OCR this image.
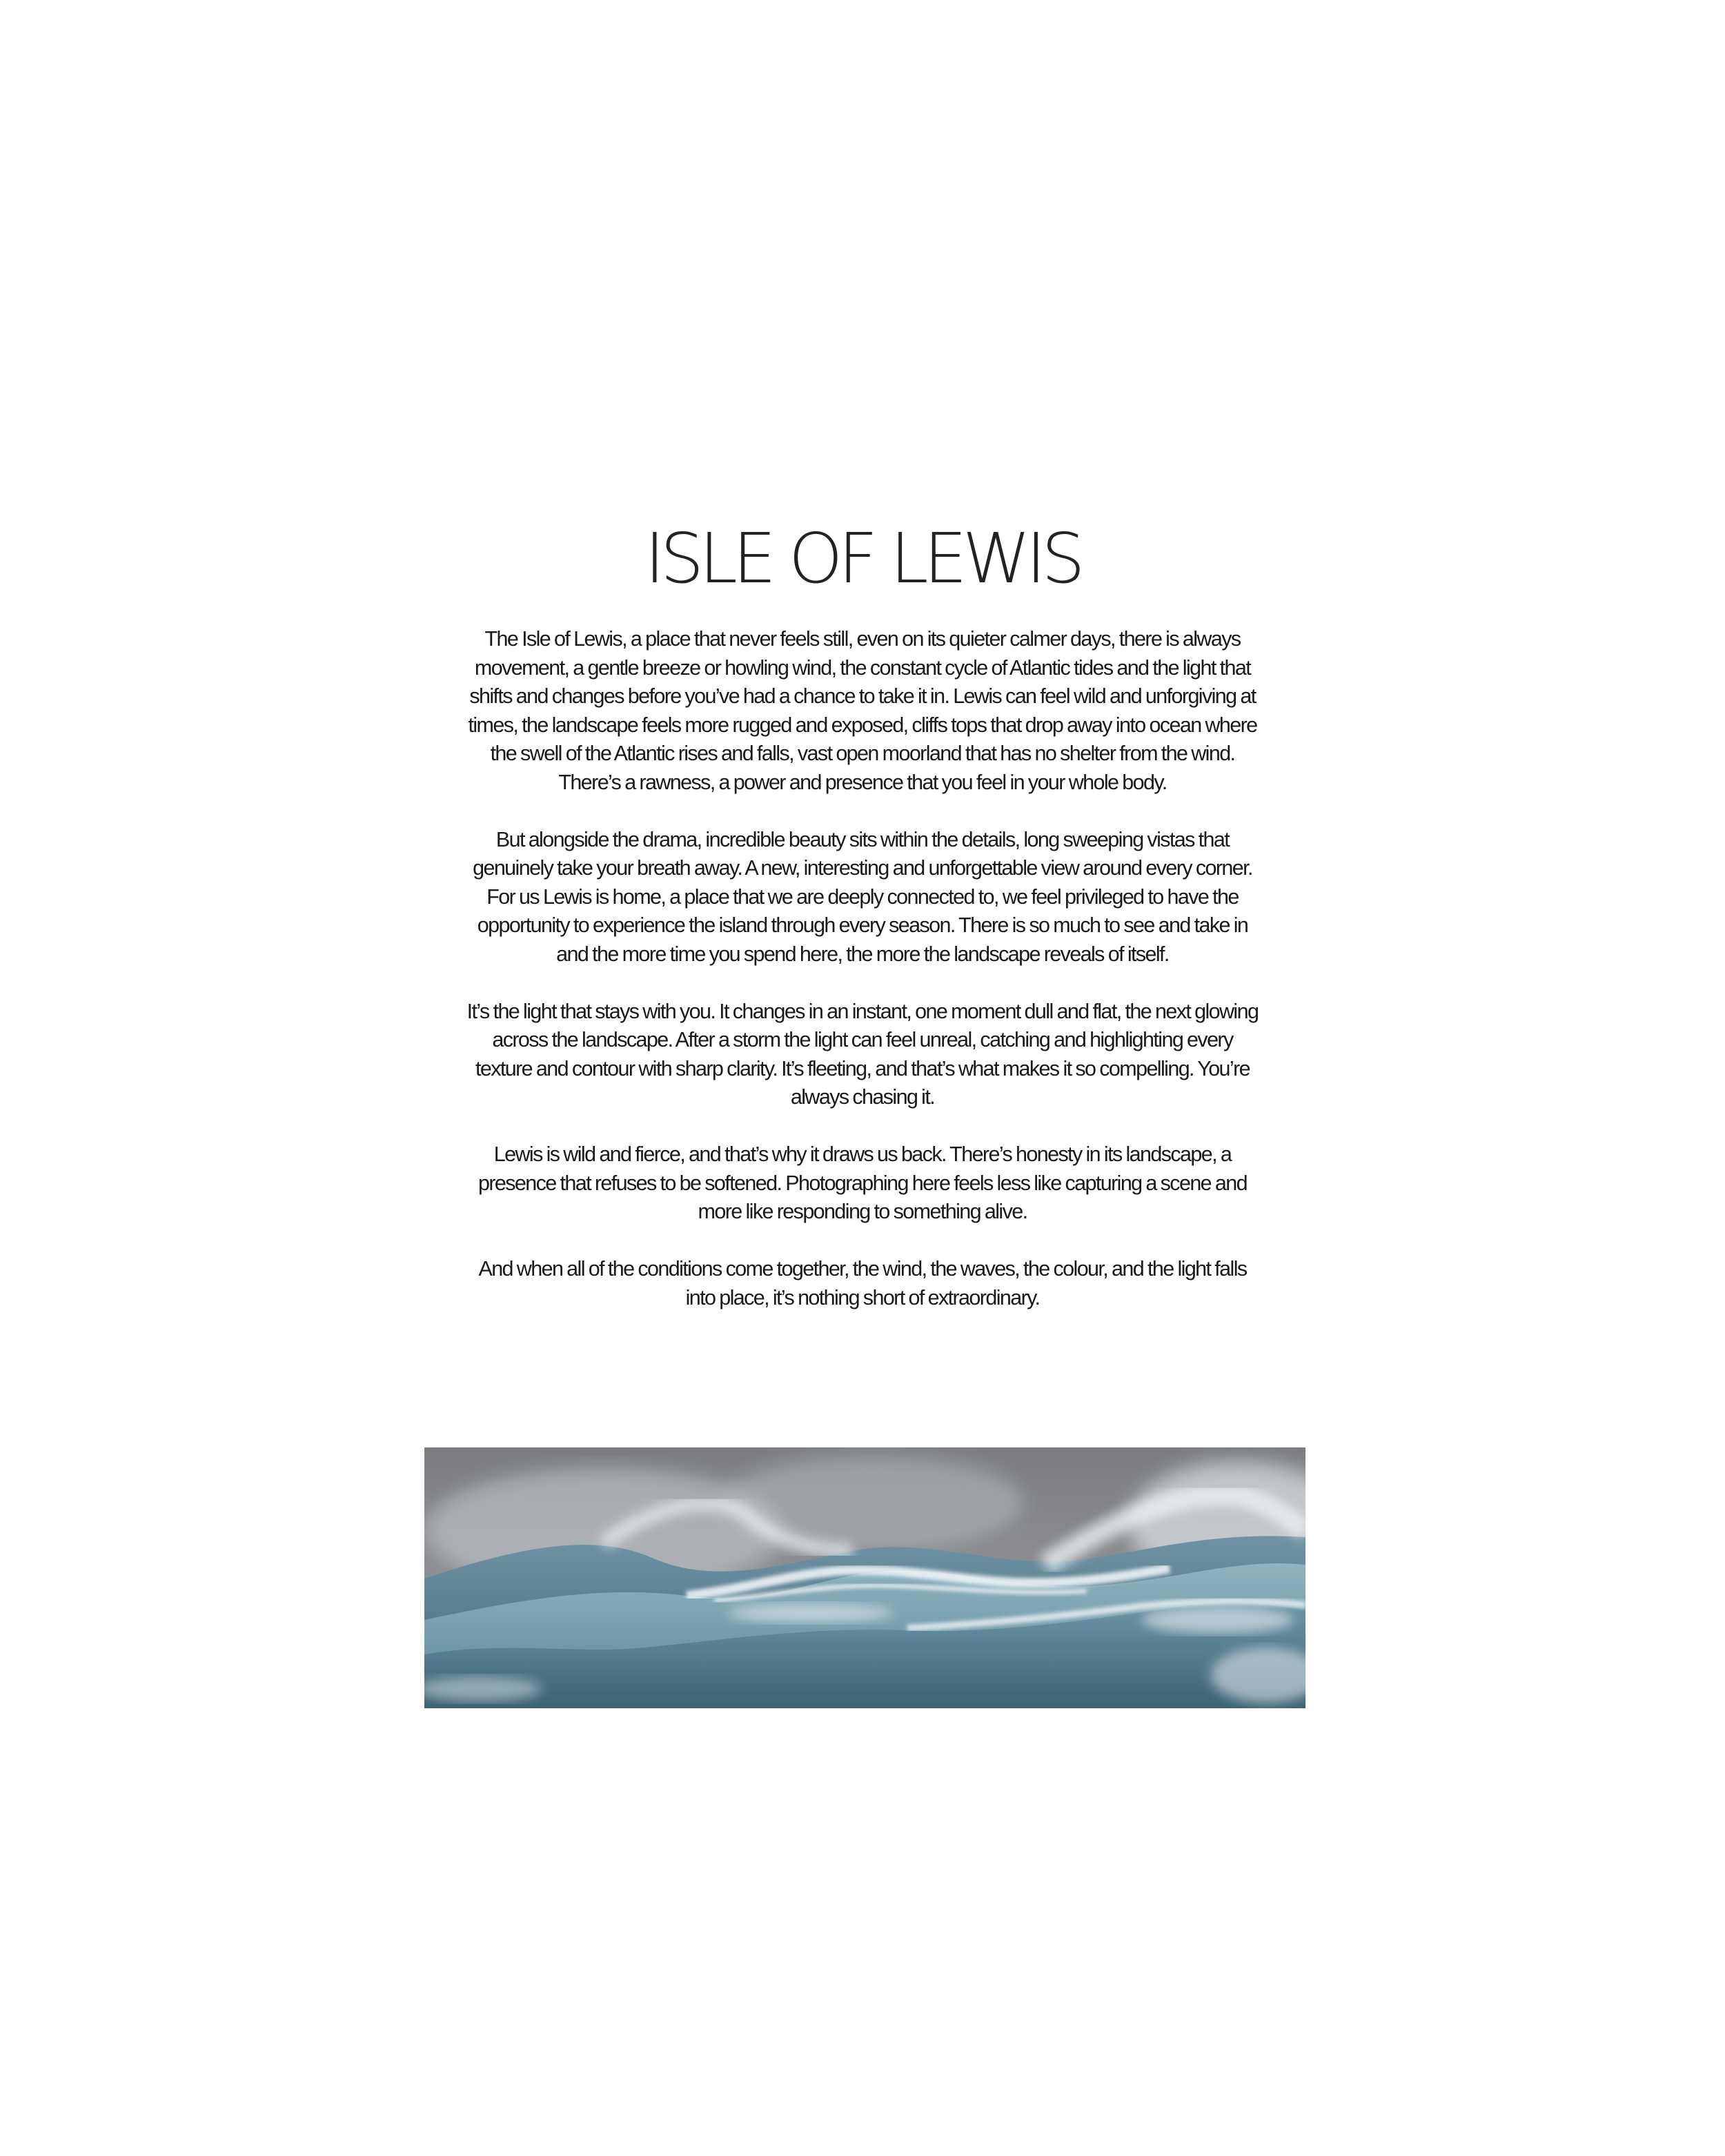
ISLE OF LEWIS

The Isle of Lewis, a place that never feels still, even on its quieter calmer days, there is always movement, a gentle breeze or howling wind, the constant cycle of Atlantic tides and the light that shifts and changes before you’ve had a chance to take it in. Lewis can feel wild and unforgiving at times, the landscape feels more rugged and exposed, cliffs tops that drop away into ocean where the swell of the Atlantic rises and falls, vast open moorland that has no shelter from the wind. There’s a rawness, a power and presence that you feel in your whole body.

But alongside the drama, incredible beauty sits within the details, long sweeping vistas that genuinely take your breath away. A new, interesting and unforgettable view around every corner. For us Lewis is home, a place that we are deeply connected to, we feel privileged to have the opportunity to experience the island through every season. There is so much to see and take in and the more time you spend here, the more the landscape reveals of itself.

It’s the light that stays with you. It changes in an instant, one moment dull and flat, the next glowing across the landscape. After a storm the light can feel unreal, catching and highlighting every texture and contour with sharp clarity. It’s fleeting, and that’s what makes it so compelling. You’re always chasing it.

Lewis is wild and fierce, and that’s why it draws us back. There’s honesty in its landscape, a presence that refuses to be softened. Photographing here feels less like capturing a scene and more like responding to something alive.

And when all of the conditions come together, the wind, the waves, the colour, and the light falls into place, it’s nothing short of extraordinary.
